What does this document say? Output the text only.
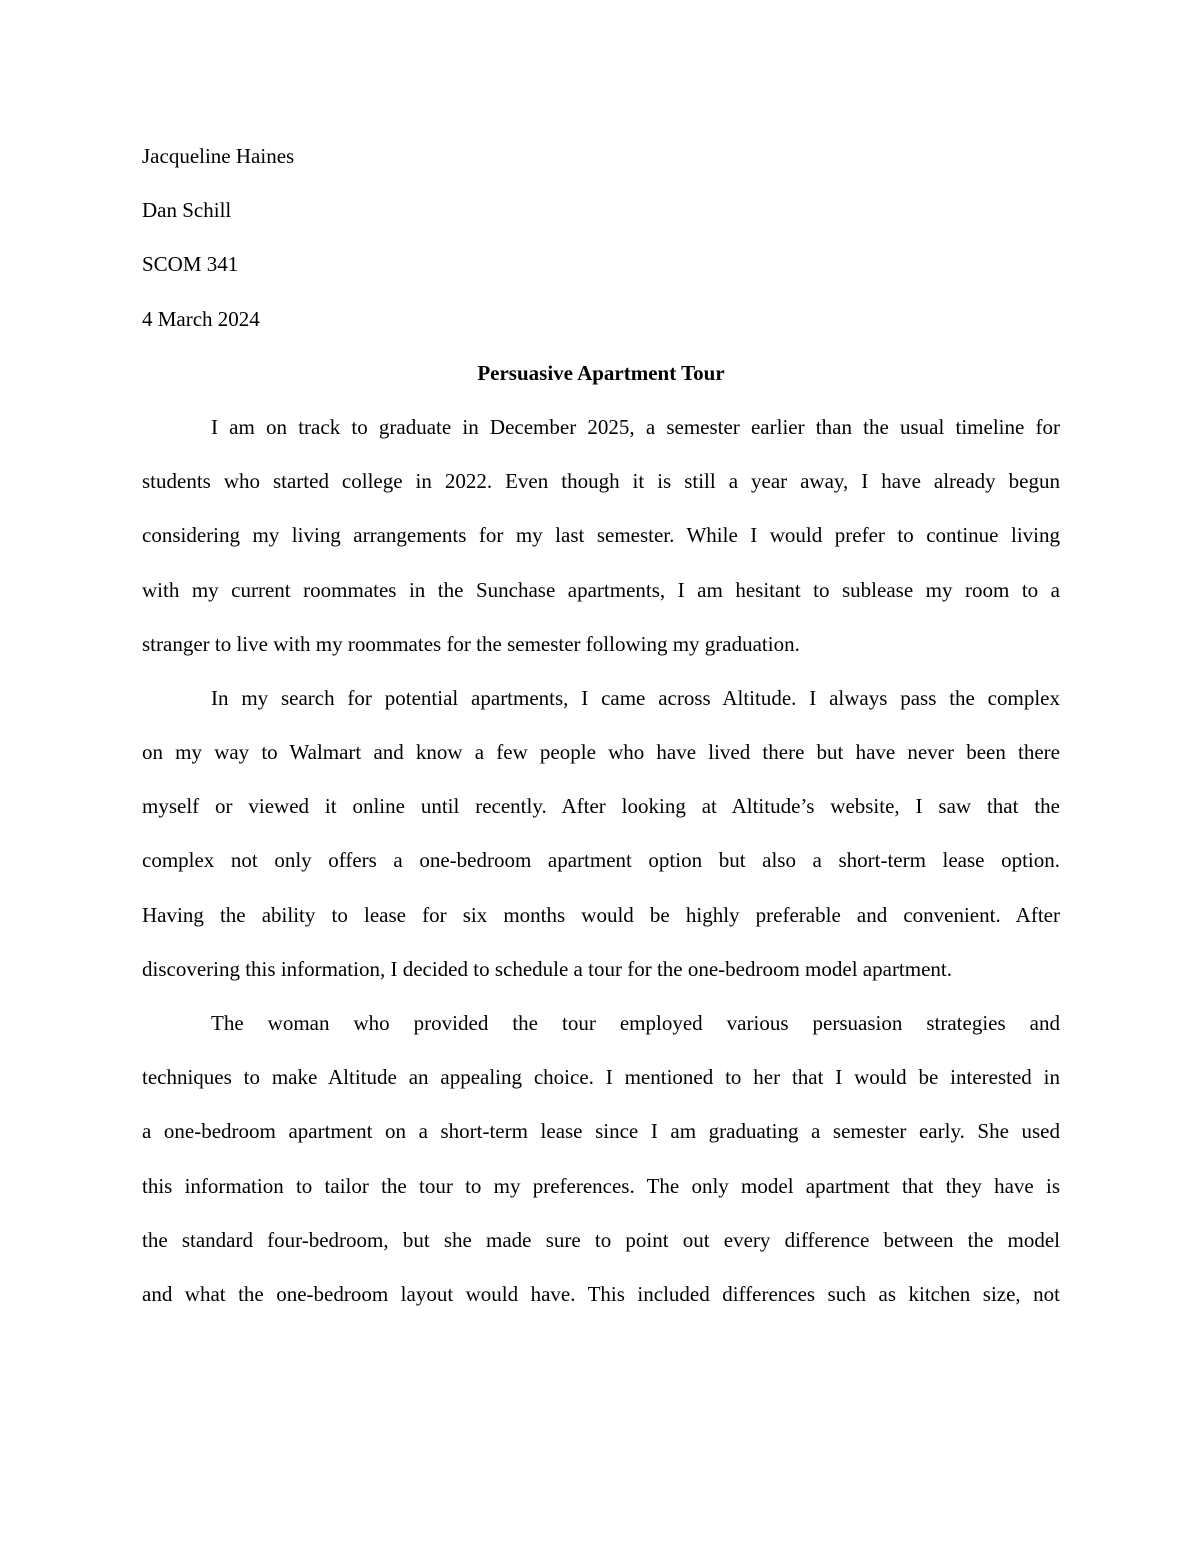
Jacqueline Haines
Dan Schill
SCOM 341
4 March 2024
Persuasive Apartment Tour
I am on track to graduate in December 2025, a semester earlier than the usual timeline for
students who started college in 2022. Even though it is still a year away, I have already begun
considering my living arrangements for my last semester. While I would prefer to continue living
with my current roommates in the Sunchase apartments, I am hesitant to sublease my room to a
stranger to live with my roommates for the semester following my graduation.
In my search for potential apartments, I came across Altitude. I always pass the complex
on my way to Walmart and know a few people who have lived there but have never been there
myself or viewed it online until recently. After looking at Altitude’s website, I saw that the
complex not only offers a one-bedroom apartment option but also a short-term lease option.
Having the ability to lease for six months would be highly preferable and convenient. After
discovering this information, I decided to schedule a tour for the one-bedroom model apartment.
The woman who provided the tour employed various persuasion strategies and
techniques to make Altitude an appealing choice. I mentioned to her that I would be interested in
a one-bedroom apartment on a short-term lease since I am graduating a semester early. She used
this information to tailor the tour to my preferences. The only model apartment that they have is
the standard four-bedroom, but she made sure to point out every difference between the model
and what the one-bedroom layout would have. This included differences such as kitchen size, not
